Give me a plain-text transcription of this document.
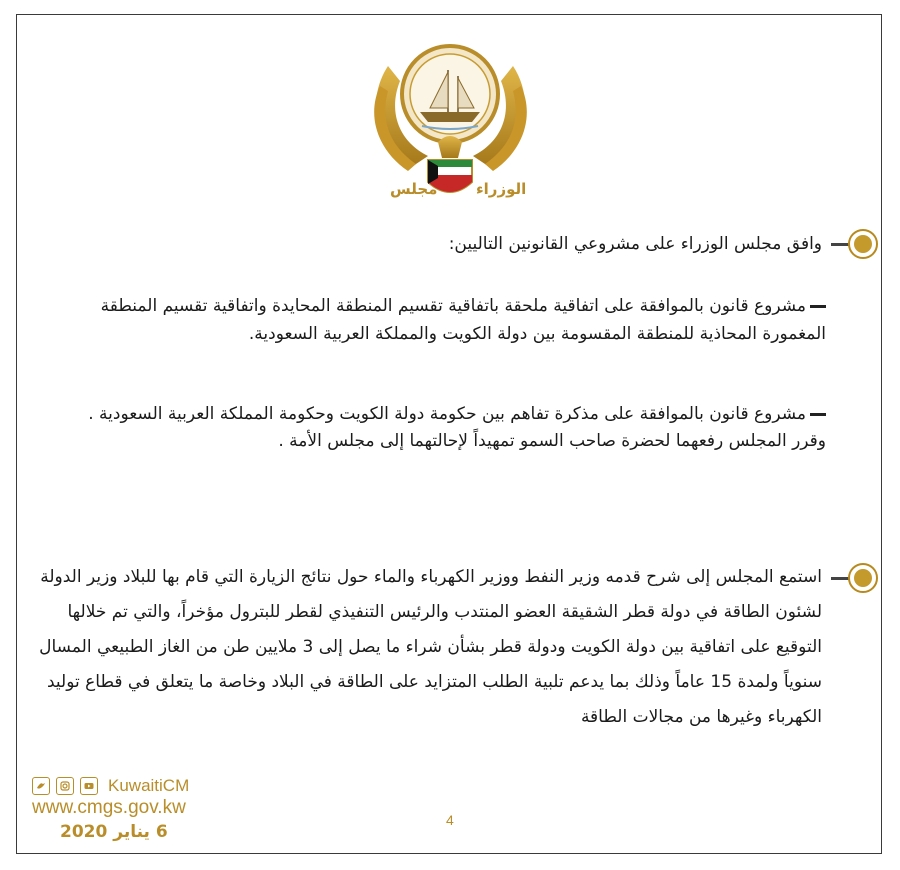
مجلس	الوزراء
وافق مجلس الوزراء على مشروعي القانونين التاليين:
مشروع قانون بالموافقة على اتفاقية ملحقة باتفاقية تقسيم المنطقة المحايدة واتفاقية تقسيم المنطقة المغمورة المحاذية للمنطقة المقسومة بين دولة الكويت والمملكة العربية السعودية.
مشروع قانون بالموافقة على مذكرة تفاهم بين حكومة دولة الكويت وحكومة المملكة العربية السعودية .
وقرر المجلس رفعهما لحضرة صاحب السمو تمهيداً لإحالتهما إلى مجلس الأمة .
استمع المجلس إلى شرح قدمه وزير النفط ووزير الكهرباء والماء حول نتائج الزيارة التي قام بها للبلاد وزير الدولة لشئون الطاقة في دولة قطر الشقيقة العضو المنتدب والرئيس التنفيذي لقطر للبترول مؤخراً، والتي تم خلالها التوقيع على اتفاقية بين دولة الكويت ودولة قطر بشأن شراء ما يصل إلى 3 ملايين طن من الغاز الطبيعي المسال سنوياً ولمدة 15 عاماً وذلك بما يدعم تلبية الطلب المتزايد على الطاقة في البلاد وخاصة ما يتعلق في قطاع توليد الكهرباء وغيرها من مجالات الطاقة
KuwaitiCM
www.cmgs.gov.kw
6 يناير 2020
4
